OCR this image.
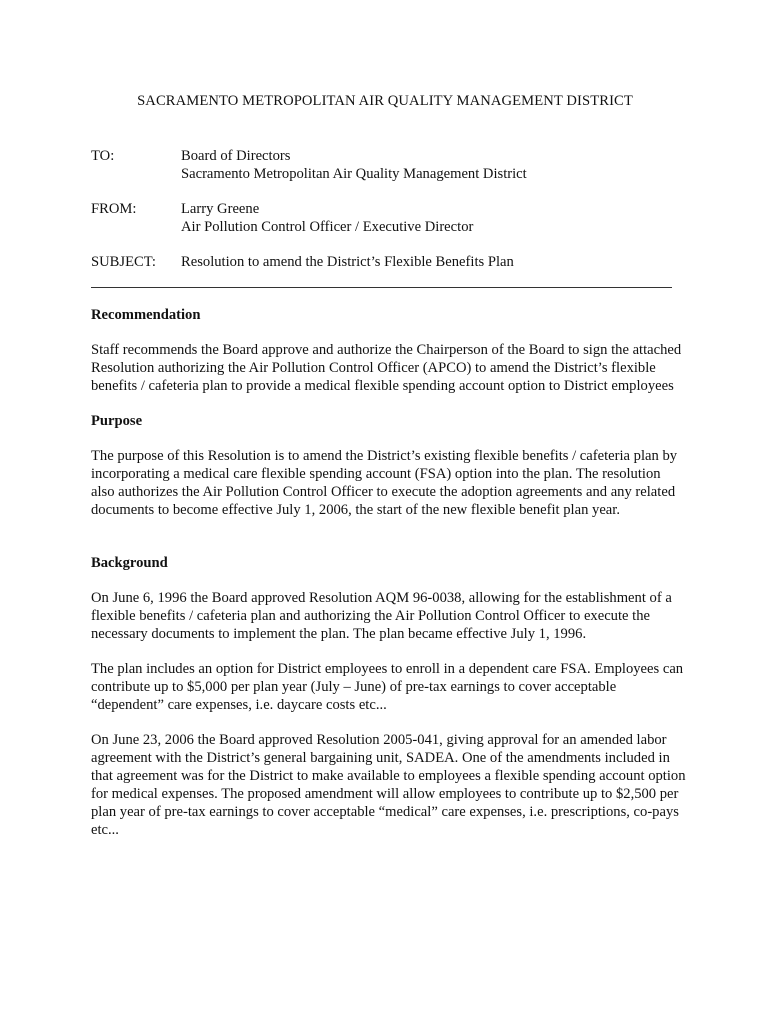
SACRAMENTO METROPOLITAN AIR QUALITY MANAGEMENT DISTRICT
TO:	Board of Directors
Sacramento Metropolitan Air Quality Management District
FROM:	Larry Greene
Air Pollution Control Officer / Executive Director
SUBJECT:	Resolution to amend the District’s Flexible Benefits Plan
Recommendation

Staff recommends the Board approve and authorize the Chairperson of the Board to sign the attached Resolution authorizing the Air Pollution Control Officer (APCO) to amend the District’s flexible benefits / cafeteria plan to provide a medical flexible spending account option to District employees

Purpose

The purpose of this Resolution is to amend the District’s existing flexible benefits / cafeteria plan by incorporating a medical care flexible spending account (FSA) option into the plan. The resolution also authorizes the Air Pollution Control Officer to execute the adoption agreements and any related documents to become effective July 1, 2006, the start of the new flexible benefit plan year.

Background

On June 6, 1996 the Board approved Resolution AQM 96-0038, allowing for the establishment of a flexible benefits / cafeteria plan and authorizing the Air Pollution Control Officer to execute the necessary documents to implement the plan. The plan became effective July 1, 1996.

The plan includes an option for District employees to enroll in a dependent care FSA. Employees can contribute up to $5,000 per plan year (July – June) of pre-tax earnings to cover acceptable “dependent” care expenses, i.e. daycare costs etc...

On June 23, 2006 the Board approved Resolution 2005-041, giving approval for an amended labor agreement with the District’s general bargaining unit, SADEA. One of the amendments included in that agreement was for the District to make available to employees a flexible spending account option for medical expenses. The proposed amendment will allow employees to contribute up to $2,500 per plan year of pre-tax earnings to cover acceptable “medical” care expenses, i.e. prescriptions, co-pays etc...
